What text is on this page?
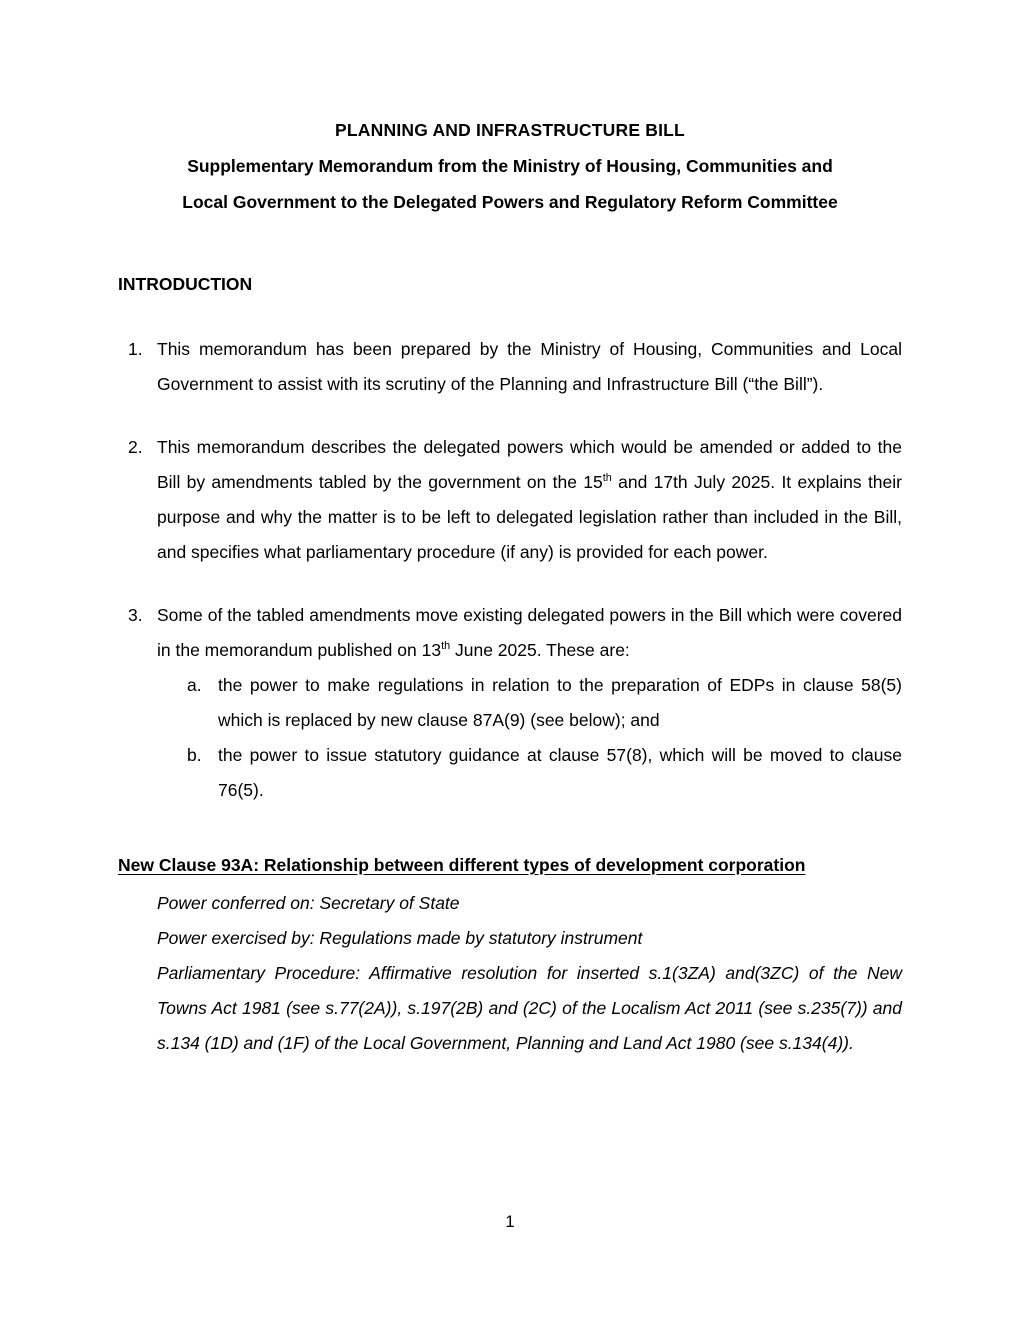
PLANNING AND INFRASTRUCTURE BILL
Supplementary Memorandum from the Ministry of Housing, Communities and
Local Government to the Delegated Powers and Regulatory Reform Committee
INTRODUCTION
1. This memorandum has been prepared by the Ministry of Housing, Communities and Local Government to assist with its scrutiny of the Planning and Infrastructure Bill (“the Bill”).
2. This memorandum describes the delegated powers which would be amended or added to the Bill by amendments tabled by the government on the 15th and 17th July 2025. It explains their purpose and why the matter is to be left to delegated legislation rather than included in the Bill, and specifies what parliamentary procedure (if any) is provided for each power.
3. Some of the tabled amendments move existing delegated powers in the Bill which were covered in the memorandum published on 13th June 2025. These are:
a. the power to make regulations in relation to the preparation of EDPs in clause 58(5) which is replaced by new clause 87A(9) (see below); and
b. the power to issue statutory guidance at clause 57(8), which will be moved to clause 76(5).
New Clause 93A: Relationship between different types of development corporation
Power conferred on: Secretary of State
Power exercised by: Regulations made by statutory instrument
Parliamentary Procedure: Affirmative resolution for inserted s.1(3ZA) and(3ZC) of the New Towns Act 1981 (see s.77(2A)), s.197(2B) and (2C) of the Localism Act 2011 (see s.235(7)) and s.134 (1D) and (1F) of the Local Government, Planning and Land Act 1980 (see s.134(4)).
1
